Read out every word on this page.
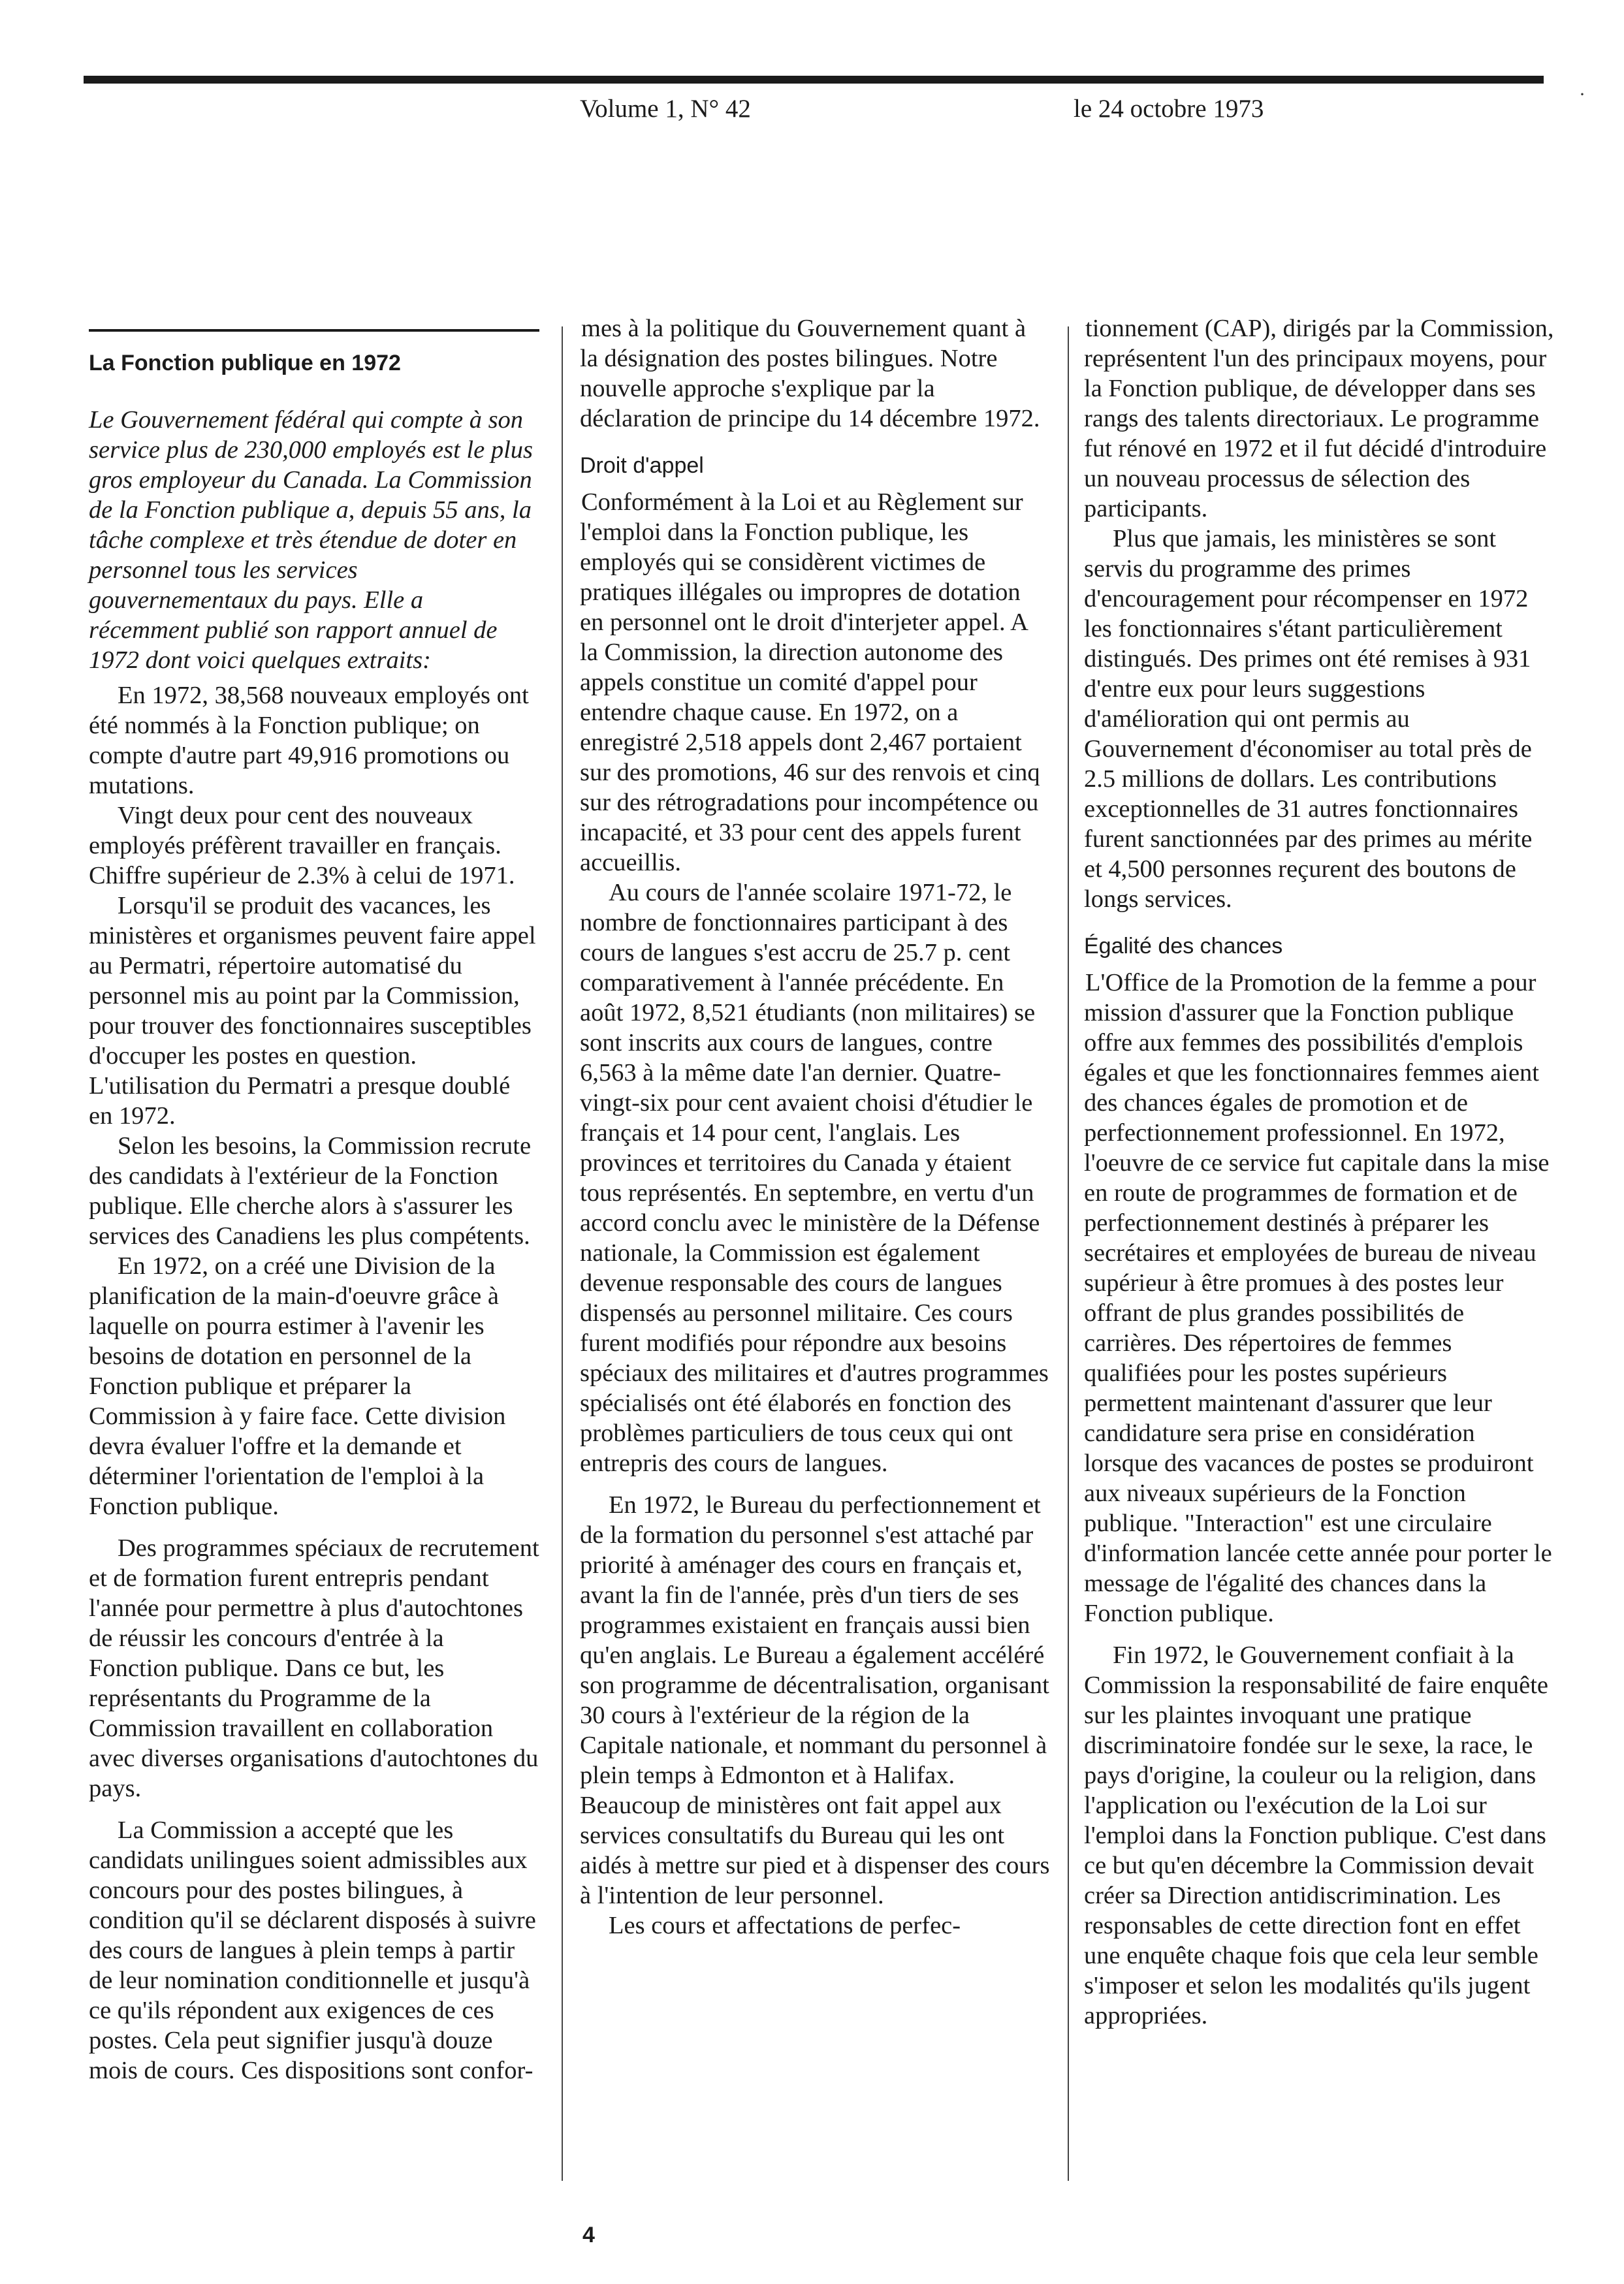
·
Volume 1, N° 42	le 24 octobre 1973

La Fonction publique en 1972

Le Gouvernement fédéral qui compte à son service plus de 230,000 employés est le plus gros employeur du Canada. La Commission de la Fonction publique a, depuis 55 ans, la tâche complexe et très étendue de doter en personnel tous les services gouvernementaux du pays. Elle a récemment publié son rapport annuel de 1972 dont voici quelques extraits:

En 1972, 38,568 nouveaux employés ont été nommés à la Fonction publique; on compte d'autre part 49,916 promotions ou mutations.

Vingt deux pour cent des nouveaux employés préfèrent travailler en français. Chiffre supérieur de 2.3% à celui de 1971.

Lorsqu'il se produit des vacances, les ministères et organismes peuvent faire appel au Permatri, répertoire automatisé du personnel mis au point par la Commission, pour trouver des fonctionnaires susceptibles d'occuper les postes en question. L'utilisation du Permatri a presque doublé en 1972.

Selon les besoins, la Commission recrute des candidats à l'extérieur de la Fonction publique. Elle cherche alors à s'assurer les services des Canadiens les plus compétents.

En 1972, on a créé une Division de la planification de la main-d'oeuvre grâce à laquelle on pourra estimer à l'avenir les besoins de dotation en personnel de la Fonction publique et préparer la Commission à y faire face. Cette division devra évaluer l'offre et la demande et déterminer l'orientation de l'emploi à la Fonction publique.

Des programmes spéciaux de recrutement et de formation furent entrepris pendant l'année pour permettre à plus d'autochtones de réussir les concours d'entrée à la Fonction publique. Dans ce but, les représentants du Programme de la Commission travaillent en collaboration avec diverses organisations d'autochtones du pays.

La Commission a accepté que les candidats unilingues soient admissibles aux concours pour des postes bilingues, à condition qu'il se déclarent disposés à suivre des cours de langues à plein temps à partir de leur nomination conditionnelle et jusqu'à ce qu'ils répondent aux exigences de ces postes. Cela peut signifier jusqu'à douze mois de cours. Ces dispositions sont confor-

mes à la politique du Gouvernement quant à la désignation des postes bilingues. Notre nouvelle approche s'explique par la déclaration de principe du 14 décembre 1972.

Droit d'appel

Conformément à la Loi et au Règlement sur l'emploi dans la Fonction publique, les employés qui se considèrent victimes de pratiques illégales ou impropres de dotation en personnel ont le droit d'interjeter appel. A la Commission, la direction autonome des appels constitue un comité d'appel pour entendre chaque cause. En 1972, on a enregistré 2,518 appels dont 2,467 portaient sur des promotions, 46 sur des renvois et cinq sur des rétrogradations pour incompétence ou incapacité, et 33 pour cent des appels furent accueillis.

Au cours de l'année scolaire 1971-72, le nombre de fonctionnaires participant à des cours de langues s'est accru de 25.7 p. cent comparativement à l'année précédente. En août 1972, 8,521 étudiants (non militaires) se sont inscrits aux cours de langues, contre 6,563 à la même date l'an dernier. Quatre-vingt-six pour cent avaient choisi d'étudier le français et 14 pour cent, l'anglais. Les provinces et territoires du Canada y étaient tous représentés. En septembre, en vertu d'un accord conclu avec le ministère de la Défense nationale, la Commission est également devenue responsable des cours de langues dispensés au personnel militaire. Ces cours furent modifiés pour répondre aux besoins spéciaux des militaires et d'autres programmes spécialisés ont été élaborés en fonction des problèmes particuliers de tous ceux qui ont entrepris des cours de langues.

En 1972, le Bureau du perfectionnement et de la formation du personnel s'est attaché par priorité à aménager des cours en français et, avant la fin de l'année, près d'un tiers de ses programmes existaient en français aussi bien qu'en anglais. Le Bureau a également accéléré son programme de décentralisation, organisant 30 cours à l'extérieur de la région de la Capitale nationale, et nommant du personnel à plein temps à Edmonton et à Halifax. Beaucoup de ministères ont fait appel aux services consultatifs du Bureau qui les ont aidés à mettre sur pied et à dispenser des cours à l'intention de leur personnel.

Les cours et affectations de perfec-

tionnement (CAP), dirigés par la Commission, représentent l'un des principaux moyens, pour la Fonction publique, de développer dans ses rangs des talents directoriaux. Le programme fut rénové en 1972 et il fut décidé d'introduire un nouveau processus de sélection des participants.

Plus que jamais, les ministères se sont servis du programme des primes d'encouragement pour récompenser en 1972 les fonctionnaires s'étant particulièrement distingués. Des primes ont été remises à 931 d'entre eux pour leurs suggestions d'amélioration qui ont permis au Gouvernement d'économiser au total près de 2.5 millions de dollars. Les contributions exceptionnelles de 31 autres fonctionnaires furent sanctionnées par des primes au mérite et 4,500 personnes reçurent des boutons de longs services.

Égalité des chances

L'Office de la Promotion de la femme a pour mission d'assurer que la Fonction publique offre aux femmes des possibilités d'emplois égales et que les fonctionnaires femmes aient des chances égales de promotion et de perfectionnement professionnel. En 1972, l'oeuvre de ce service fut capitale dans la mise en route de programmes de formation et de perfectionnement destinés à préparer les secrétaires et employées de bureau de niveau supérieur à être promues à des postes leur offrant de plus grandes possibilités de carrières. Des répertoires de femmes qualifiées pour les postes supérieurs permettent maintenant d'assurer que leur candidature sera prise en considération lorsque des vacances de postes se produiront aux niveaux supérieurs de la Fonction publique. "Interaction" est une circulaire d'information lancée cette année pour porter le message de l'égalité des chances dans la Fonction publique.

Fin 1972, le Gouvernement confiait à la Commission la responsabilité de faire enquête sur les plaintes invoquant une pratique discriminatoire fondée sur le sexe, la race, le pays d'origine, la couleur ou la religion, dans l'application ou l'exécution de la Loi sur l'emploi dans la Fonction publique. C'est dans ce but qu'en décembre la Commission devait créer sa Direction antidiscrimination. Les responsables de cette direction font en effet une enquête chaque fois que cela leur semble s'imposer et selon les modalités qu'ils jugent appropriées.

4
